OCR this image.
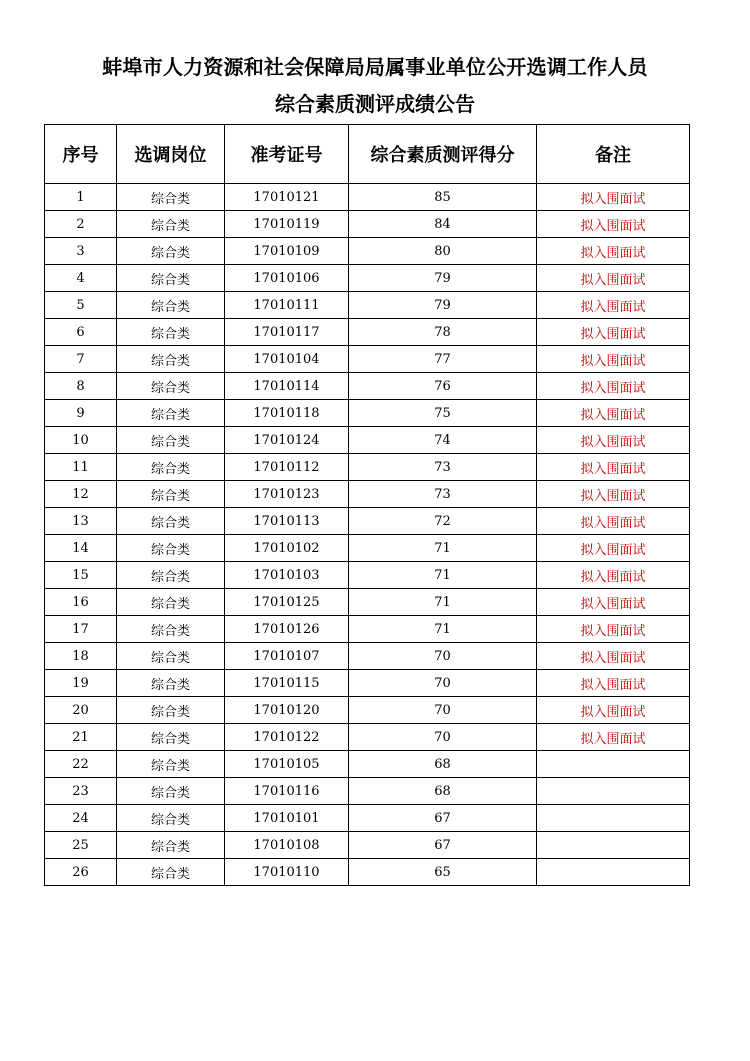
蚌埠市人力资源和社会保障局局属事业单位公开选调工作人员
综合素质测评成绩公告
序号	选调岗位	准考证号	综合素质测评得分	备注
1	综合类	17010121	85	拟入围面试
2	综合类	17010119	84	拟入围面试
3	综合类	17010109	80	拟入围面试
4	综合类	17010106	79	拟入围面试
5	综合类	17010111	79	拟入围面试
6	综合类	17010117	78	拟入围面试
7	综合类	17010104	77	拟入围面试
8	综合类	17010114	76	拟入围面试
9	综合类	17010118	75	拟入围面试
10	综合类	17010124	74	拟入围面试
11	综合类	17010112	73	拟入围面试
12	综合类	17010123	73	拟入围面试
13	综合类	17010113	72	拟入围面试
14	综合类	17010102	71	拟入围面试
15	综合类	17010103	71	拟入围面试
16	综合类	17010125	71	拟入围面试
17	综合类	17010126	71	拟入围面试
18	综合类	17010107	70	拟入围面试
19	综合类	17010115	70	拟入围面试
20	综合类	17010120	70	拟入围面试
21	综合类	17010122	70	拟入围面试
22	综合类	17010105	68	
23	综合类	17010116	68	
24	综合类	17010101	67	
25	综合类	17010108	67	
26	综合类	17010110	65	
